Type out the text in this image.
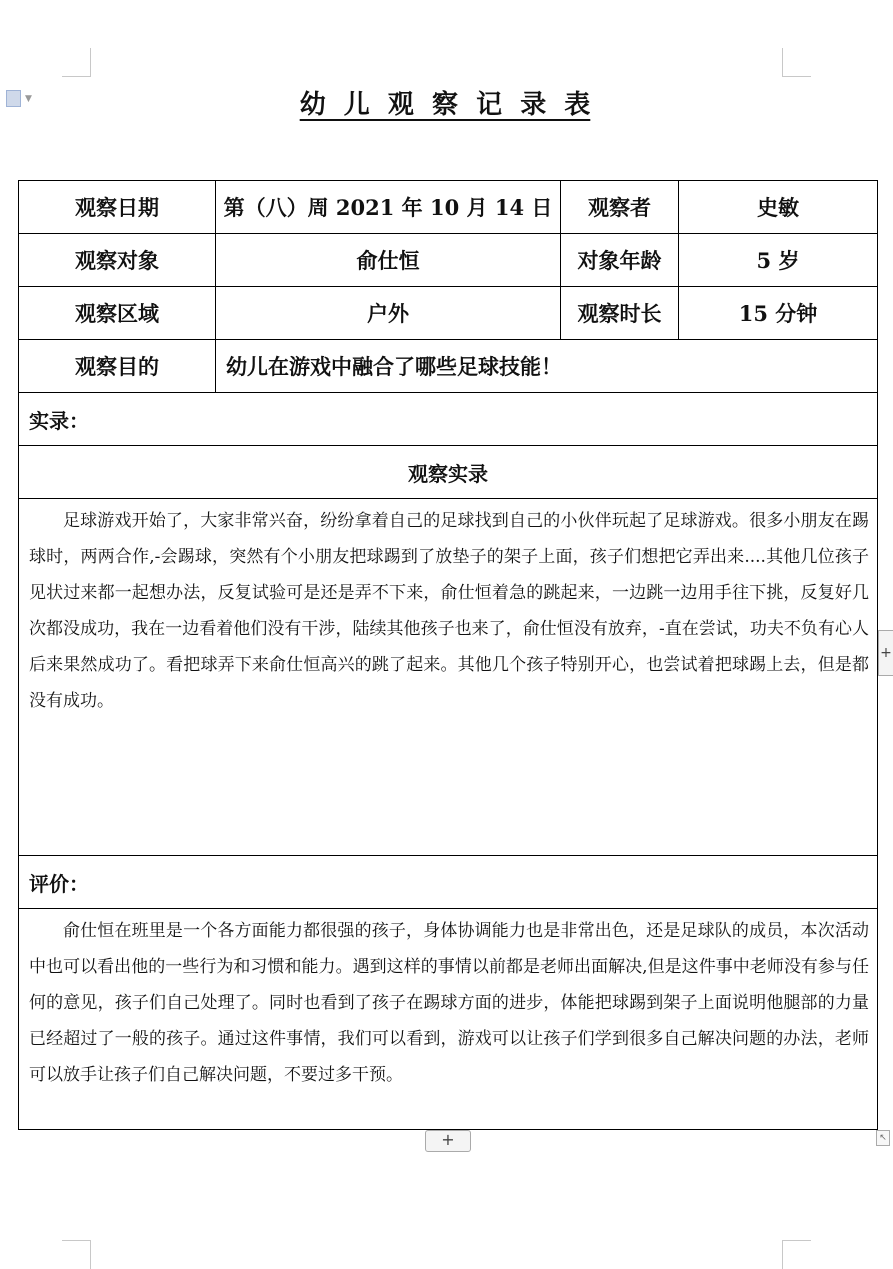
▼	幼  儿  观  察  记  录  表
观察日期	第（八）周 2021 年 10 月 14 日	观察者	史敏
观察对象	俞仕恒	对象年龄	5 岁
观察区域	户外	观察时长	15 分钟
观察目的	幼儿在游戏中融合了哪些足球技能！		
实录：			
观察实录			
足球游戏开始了，大家非常兴奋，纷纷拿着自己的足球找到自己的小伙伴玩起了足球游戏。很多小朋友在踢球时，两两合作,-会踢球，突然有个小朋友把球踢到了放垫子的架子上面，孩子们想把它弄出来....其他几位孩子见状过来都一起想办法，反复试验可是还是弄不下来，俞仕恒着急的跳起来，一边跳一边用手往下挑，反复好几次都没成功，我在一边看着他们没有干涉，陆续其他孩子也来了，俞仕恒没有放弃，-直在尝试，功夫不负有心人后来果然成功了。看把球弄下来俞仕恒高兴的跳了起来。其他几个孩子特别开心，也尝试着把球踢上去，但是都没有成功。			
评价：			
俞仕恒在班里是一个各方面能力都很强的孩子，身体协调能力也是非常出色，还是足球队的成员，本次活动中也可以看出他的一些行为和习惯和能力。遇到这样的事情以前都是老师出面解决,但是这件事中老师没有参与任何的意见，孩子们自己处理了。同时也看到了孩子在踢球方面的进步，体能把球踢到架子上面说明他腿部的力量已经超过了一般的孩子。通过这件事情，我们可以看到，游戏可以让孩子们学到很多自己解决问题的办法，老师可以放手让孩子们自己解决问题，不要过多干预。			
+
+	↖
